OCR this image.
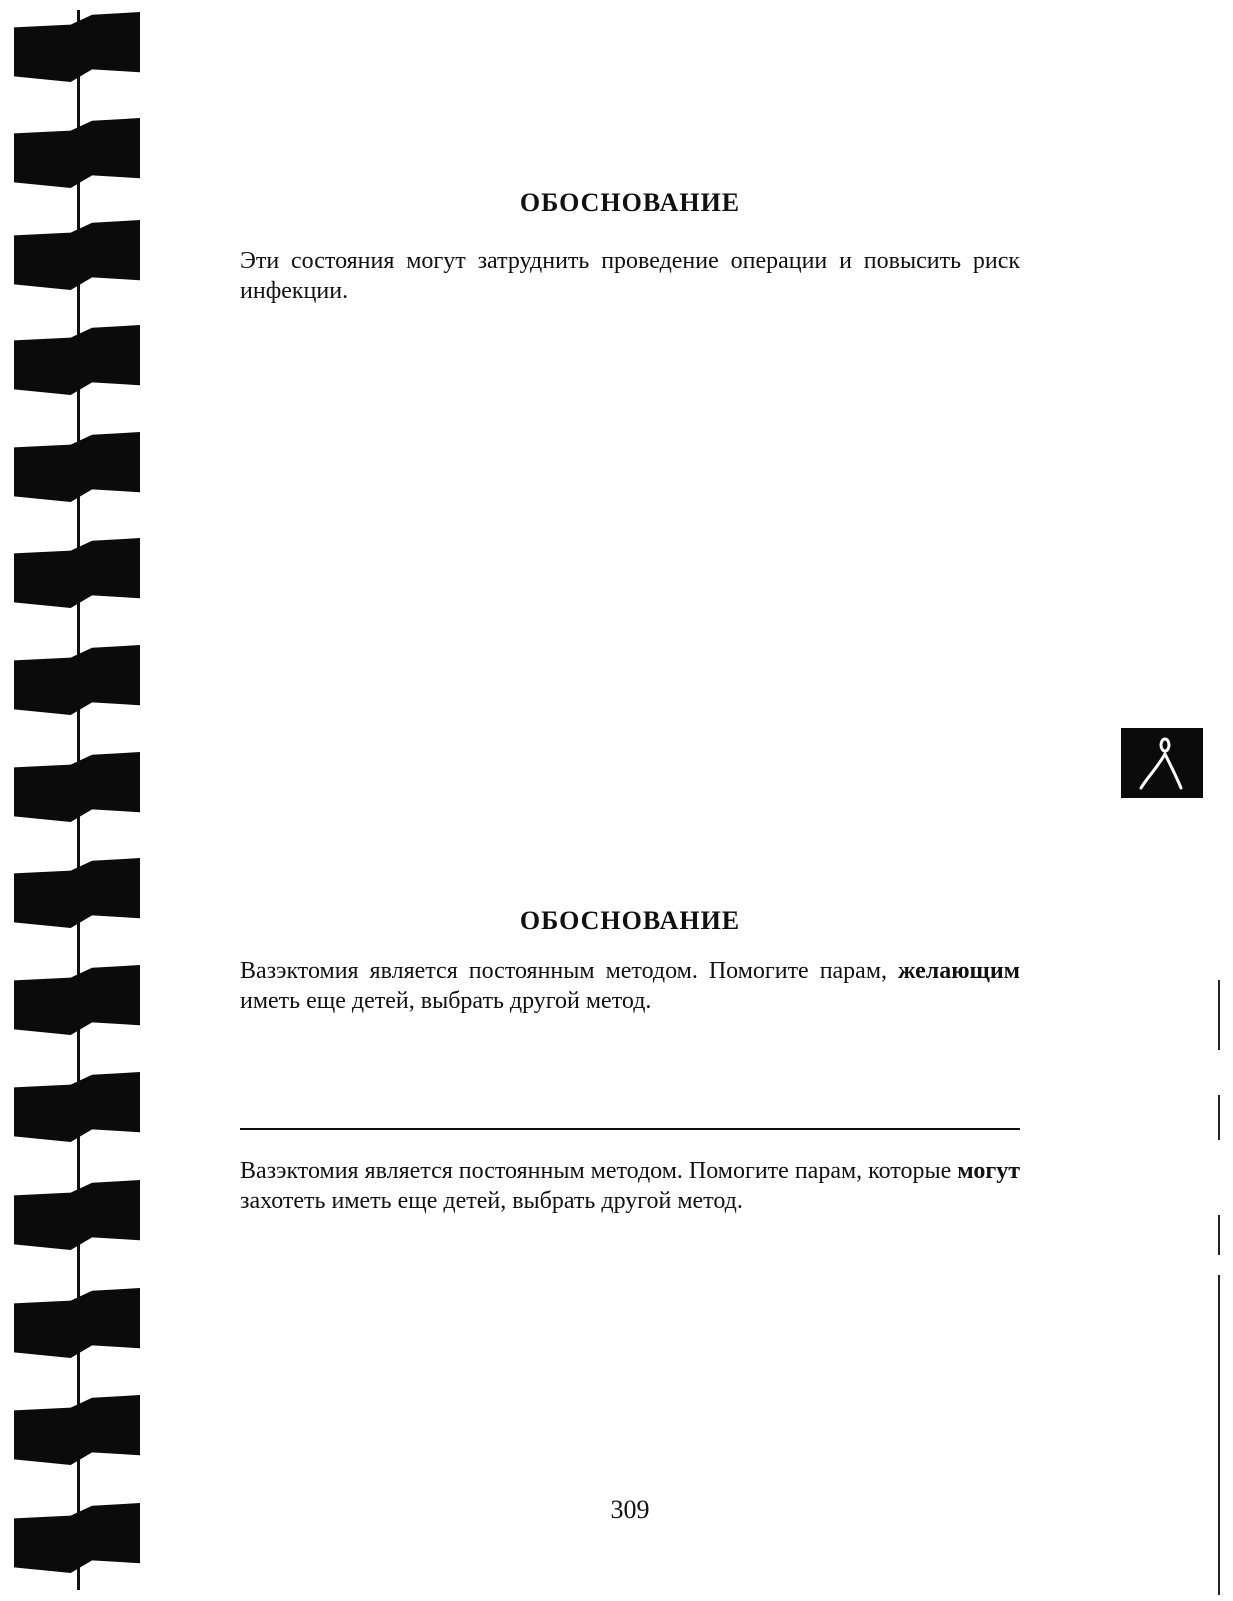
ОБОСНОВАНИЕ

Эти состояния могут затруднить проведение операции и повысить риск инфекции.

ОБОСНОВАНИЕ

Вазэктомия является постоянным методом. Помогите парам, желающим иметь еще детей, выбрать другой метод.

Вазэктомия является постоянным методом. Помогите парам, которые могут захотеть иметь еще детей, выбрать другой метод.

309
